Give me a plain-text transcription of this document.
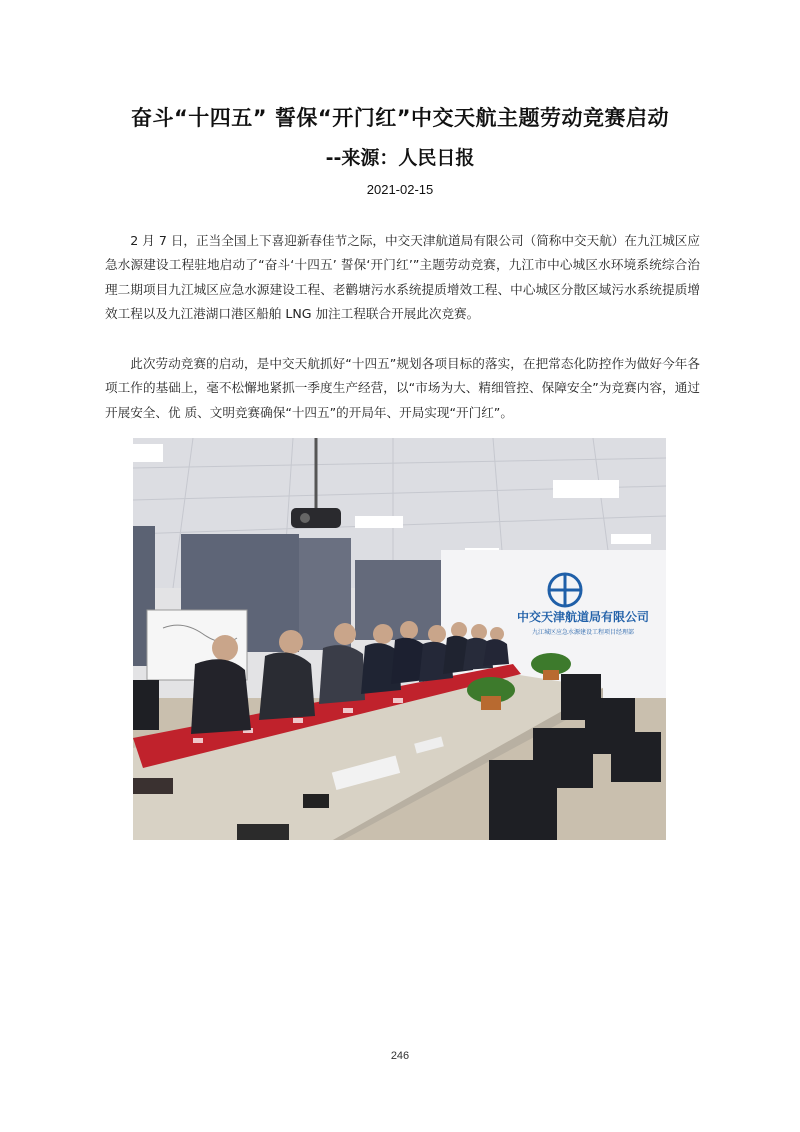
奋斗“十四五” 誓保“开门红”中交天航主题劳动竞赛启动
--来源：人民日报
2021-02-15

2 月 7 日，正当全国上下喜迎新春佳节之际，中交天津航道局有限公司（简称中交天航）在九江城区应急水源建设工程驻地启动了“奋斗‘十四五’ 誓保‘开门红’”主题劳动竞赛，九江市中心城区水环境系统综合治理二期项目九江城区应急水源建设工程、老鹳塘污水系统提质增效工程、中心城区分散区域污水系统提质增效工程以及九江港湖口港区船舶 LNG 加注工程联合开展此次竞赛。

此次劳动竞赛的启动，是中交天航抓好“十四五”规划各项目标的落实，在把常态化防控作为做好今年各项工作的基础上，毫不松懈地紧抓一季度生产经营，以“市场为大、精细管控、保障安全”为竞赛内容，通过开展安全、优 质、文明竞赛确保“十四五”的开局年、开局实现“开门红”。

中交天津航道局有限公司
九江城区应急水源建设工程项目经理部
246
